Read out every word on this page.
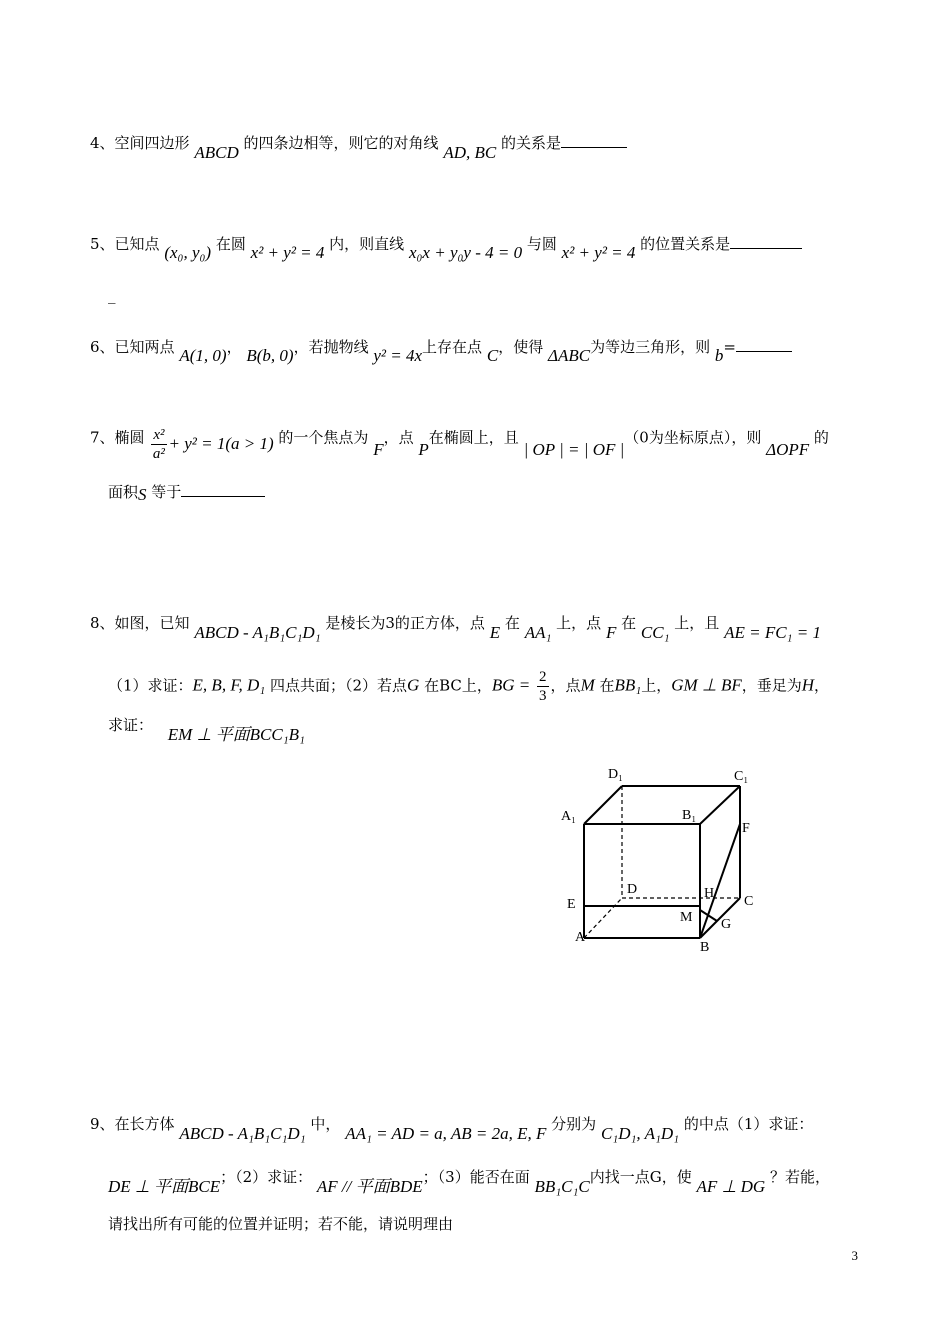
4、空间四边形 ABCD 的四条边相等，则它的对角线 AD, BC 的关系是
5、已知点 (x₀, y₀) 在圆 x² + y² = 4 内，则直线 x₀x + y₀y - 4 = 0 与圆 x² + y² = 4 的位置关系是
_
6、已知两点 A(1, 0)， B(b, 0)，若抛物线 y² = 4x上存在点 C，使得 ΔABC为等边三角形，则 b=
7、椭圆 $\frac{\text{x²}}{\text{a²}} + y^2 = 1(a > 1)$ 的一个焦点为 F，点 P在椭圆上，且 | OP | = | OF |（0为坐标原点），则 ΔOPF 的
面积S 等于
8、如图，已知 ABCD - A₁B₁C₁D₁ 是棱长为3的正方体，点 E 在 AA₁ 上，点 F 在 CC₁ 上，且 AE = FC₁ = 1
（1）求证：E, B, F, D₁ 四点共面；（2）若点G 在BC上，BG = $\frac{2}{3}$ ，点M 在BB₁上，GM ⊥ BF，垂足为H，
求证： EM ⊥ 平面BCC₁B₁
D₁	C₁
A₁	B₁
F
D	H
C
E
M G
A
B
9、在长方体 ABCD - A₁B₁C₁D₁ 中， AA₁ = AD = a, AB = 2a, E, F 分别为 C₁D₁, A₁D₁ 的中点（1）求证：
DE ⊥ 平面BCE；（2）求证： AF // 平面BDE；（3）能否在面 BB₁C₁C内找一点G，使 AF ⊥ DG ？若能，
请找出所有可能的位置并证明；若不能，请说明理由
3
